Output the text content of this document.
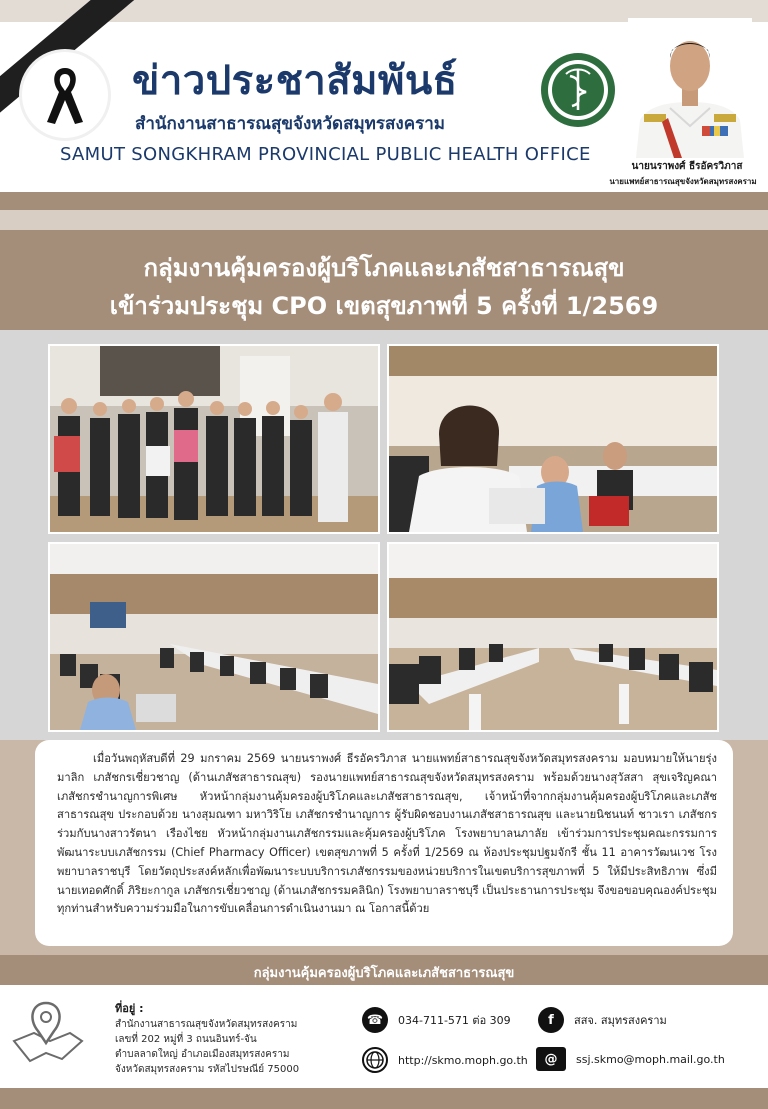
ข่าวประชาสัมพันธ์
สำนักงานสาธารณสุขจังหวัดสมุทรสงคราม
SAMUT SONGKHRAM PROVINCIAL PUBLIC HEALTH OFFICE
นายนราพงศ์ ธีรอัครวิภาส
นายแพทย์สาธารณสุขจังหวัดสมุทรสงคราม
กลุ่มงานคุ้มครองผู้บริโภคและเภสัชสาธารณสุข
เข้าร่วมประชุม CPO เขตสุขภาพที่ 5 ครั้งที่ 1/2569

เมื่อวันพฤหัสบดีที่ 29 มกราคม 2569 นายนราพงศ์ ธีรอัครวิภาส นายแพทย์สาธารณสุขจังหวัดสมุทรสงคราม มอบหมายให้นายรุ่ง มาลิก เภสัชกรเชี่ยวชาญ (ด้านเภสัชสาธารณสุข) รองนายแพทย์สาธารณสุขจังหวัดสมุทรสงคราม พร้อมด้วยนางสุวัสสา สุขเจริญคณา เภสัชกรชำนาญการพิเศษ หัวหน้ากลุ่มงานคุ้มครองผู้บริโภคและเภสัชสาธารณสุข, เจ้าหน้าที่จากกลุ่มงานคุ้มครองผู้บริโภคและเภสัชสาธารณสุข ประกอบด้วย นางสุมณฑา มหาวิริโย เภสัชกรชำนาญการ ผู้รับผิดชอบงานเภสัชสาธารณสุข และนายนิชนนท์ ชาวเรา เภสัชกร ร่วมกับนางสาวรัตนา เรืองไชย หัวหน้ากลุ่มงานเภสัชกรรมและคุ้มครองผู้บริโภค โรงพยาบาลนภาลัย เข้าร่วมการประชุมคณะกรรมการพัฒนาระบบเภสัชกรรม (Chief Pharmacy Officer) เขตสุขภาพที่ 5 ครั้งที่ 1/2569 ณ ห้องประชุมปฐมจักรี ชั้น 11 อาคารวัฒนเวช โรงพยาบาลราชบุรี โดยวัตถุประสงค์หลักเพื่อพัฒนาระบบบริการเภสัชกรรมของหน่วยบริการในเขตบริการสุขภาพที่ 5 ให้มีประสิทธิภาพ ซึ่งมีนายเทอดศักดิ์ ภิริยะกากูล เภสัชกรเชี่ยวชาญ (ด้านเภสัชกรรมคลินิก) โรงพยาบาลราชบุรี เป็นประธานการประชุม จึงขอขอบคุณองค์ประชุมทุกท่านสำหรับความร่วมมือในการขับเคลื่อนการดำเนินงานมา ณ โอกาสนี้ด้วย

กลุ่มงานคุ้มครองผู้บริโภคและเภสัชสาธารณสุข
ที่อยู่ :
สำนักงานสาธารณสุขจังหวัดสมุทรสงคราม
เลขที่ 202 หมู่ที่ 3 ถนนอินทร์-จัน
ตำบลลาดใหญ่ อำเภอเมืองสมุทรสงคราม
จังหวัดสมุทรสงคราม รหัสไปรษณีย์ 75000
☎	034-711-571 ต่อ 309	f	สสจ. สมุทรสงคราม
http://skmo.moph.go.th	@	ssj.skmo@moph.mail.go.th
